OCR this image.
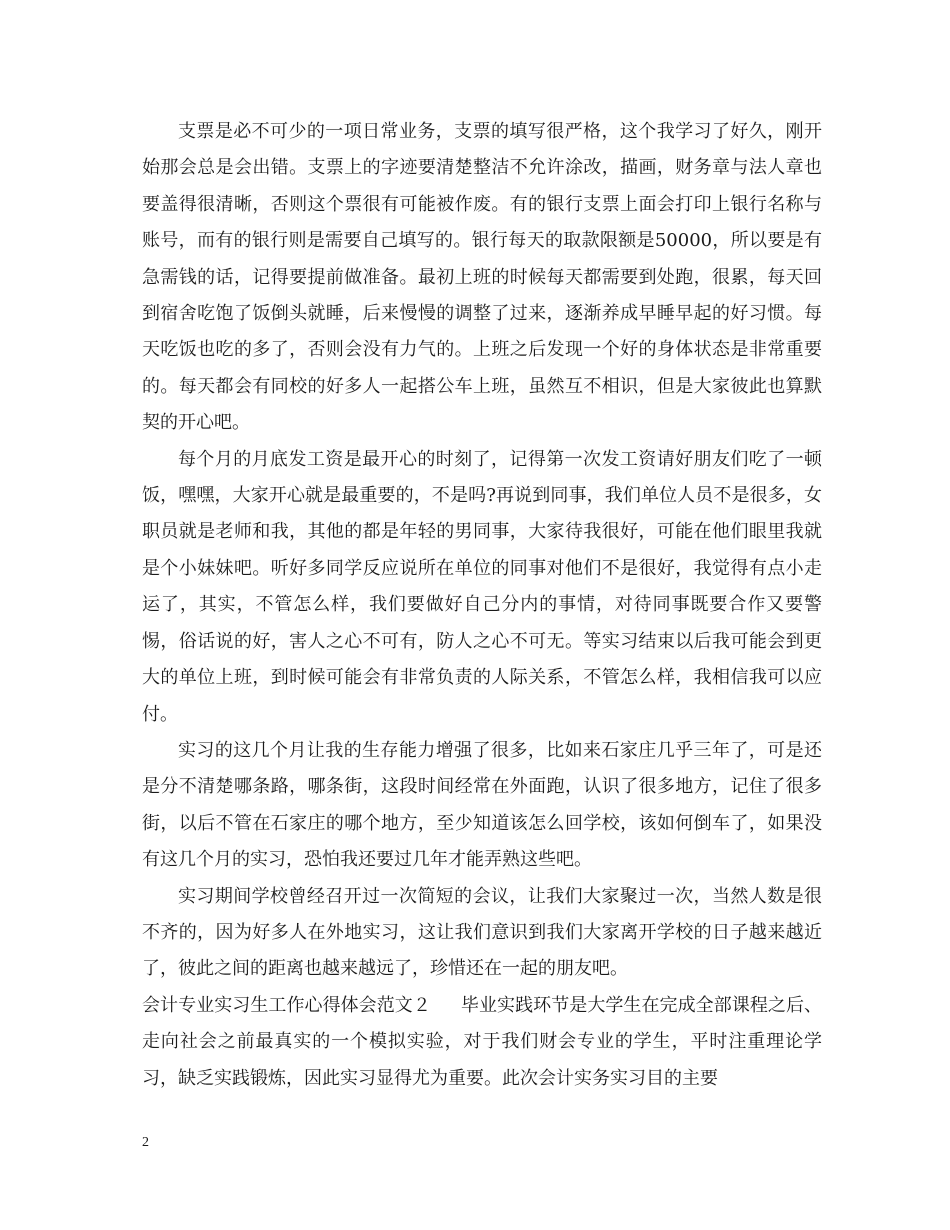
支票是必不可少的一项日常业务，支票的填写很严格，这个我学习了好久，刚开始那会总是会出错。支票上的字迹要清楚整洁不允许涂改，描画，财务章与法人章也要盖得很清晰，否则这个票很有可能被作废。有的银行支票上面会打印上银行名称与账号，而有的银行则是需要自己填写的。银行每天的取款限额是50000，所以要是有急需钱的话，记得要提前做准备。最初上班的时候每天都需要到处跑，很累，每天回到宿舍吃饱了饭倒头就睡，后来慢慢的调整了过来，逐渐养成早睡早起的好习惯。每天吃饭也吃的多了，否则会没有力气的。上班之后发现一个好的身体状态是非常重要的。每天都会有同校的好多人一起搭公车上班，虽然互不相识，但是大家彼此也算默契的开心吧。

每个月的月底发工资是最开心的时刻了，记得第一次发工资请好朋友们吃了一顿饭，嘿嘿，大家开心就是最重要的，不是吗?再说到同事，我们单位人员不是很多，女职员就是老师和我，其他的都是年轻的男同事，大家待我很好，可能在他们眼里我就是个小妹妹吧。听好多同学反应说所在单位的同事对他们不是很好，我觉得有点小走运了，其实，不管怎么样，我们要做好自己分内的事情，对待同事既要合作又要警惕，俗话说的好，害人之心不可有，防人之心不可无。等实习结束以后我可能会到更大的单位上班，到时候可能会有非常负责的人际关系，不管怎么样，我相信我可以应付。

实习的这几个月让我的生存能力增强了很多，比如来石家庄几乎三年了，可是还是分不清楚哪条路，哪条街，这段时间经常在外面跑，认识了很多地方，记住了很多街，以后不管在石家庄的哪个地方，至少知道该怎么回学校，该如何倒车了，如果没有这几个月的实习，恐怕我还要过几年才能弄熟这些吧。

实习期间学校曾经召开过一次简短的会议，让我们大家聚过一次，当然人数是很不齐的，因为好多人在外地实习，这让我们意识到我们大家离开学校的日子越来越近了，彼此之间的距离也越来越远了，珍惜还在一起的朋友吧。

会计专业实习生工作心得体会范文２ 毕业实践环节是大学生在完成全部课程之后、走向社会之前最真实的一个模拟实验，对于我们财会专业的学生，平时注重理论学习，缺乏实践锻炼，因此实习显得尤为重要。此次会计实务实习目的主要

2
